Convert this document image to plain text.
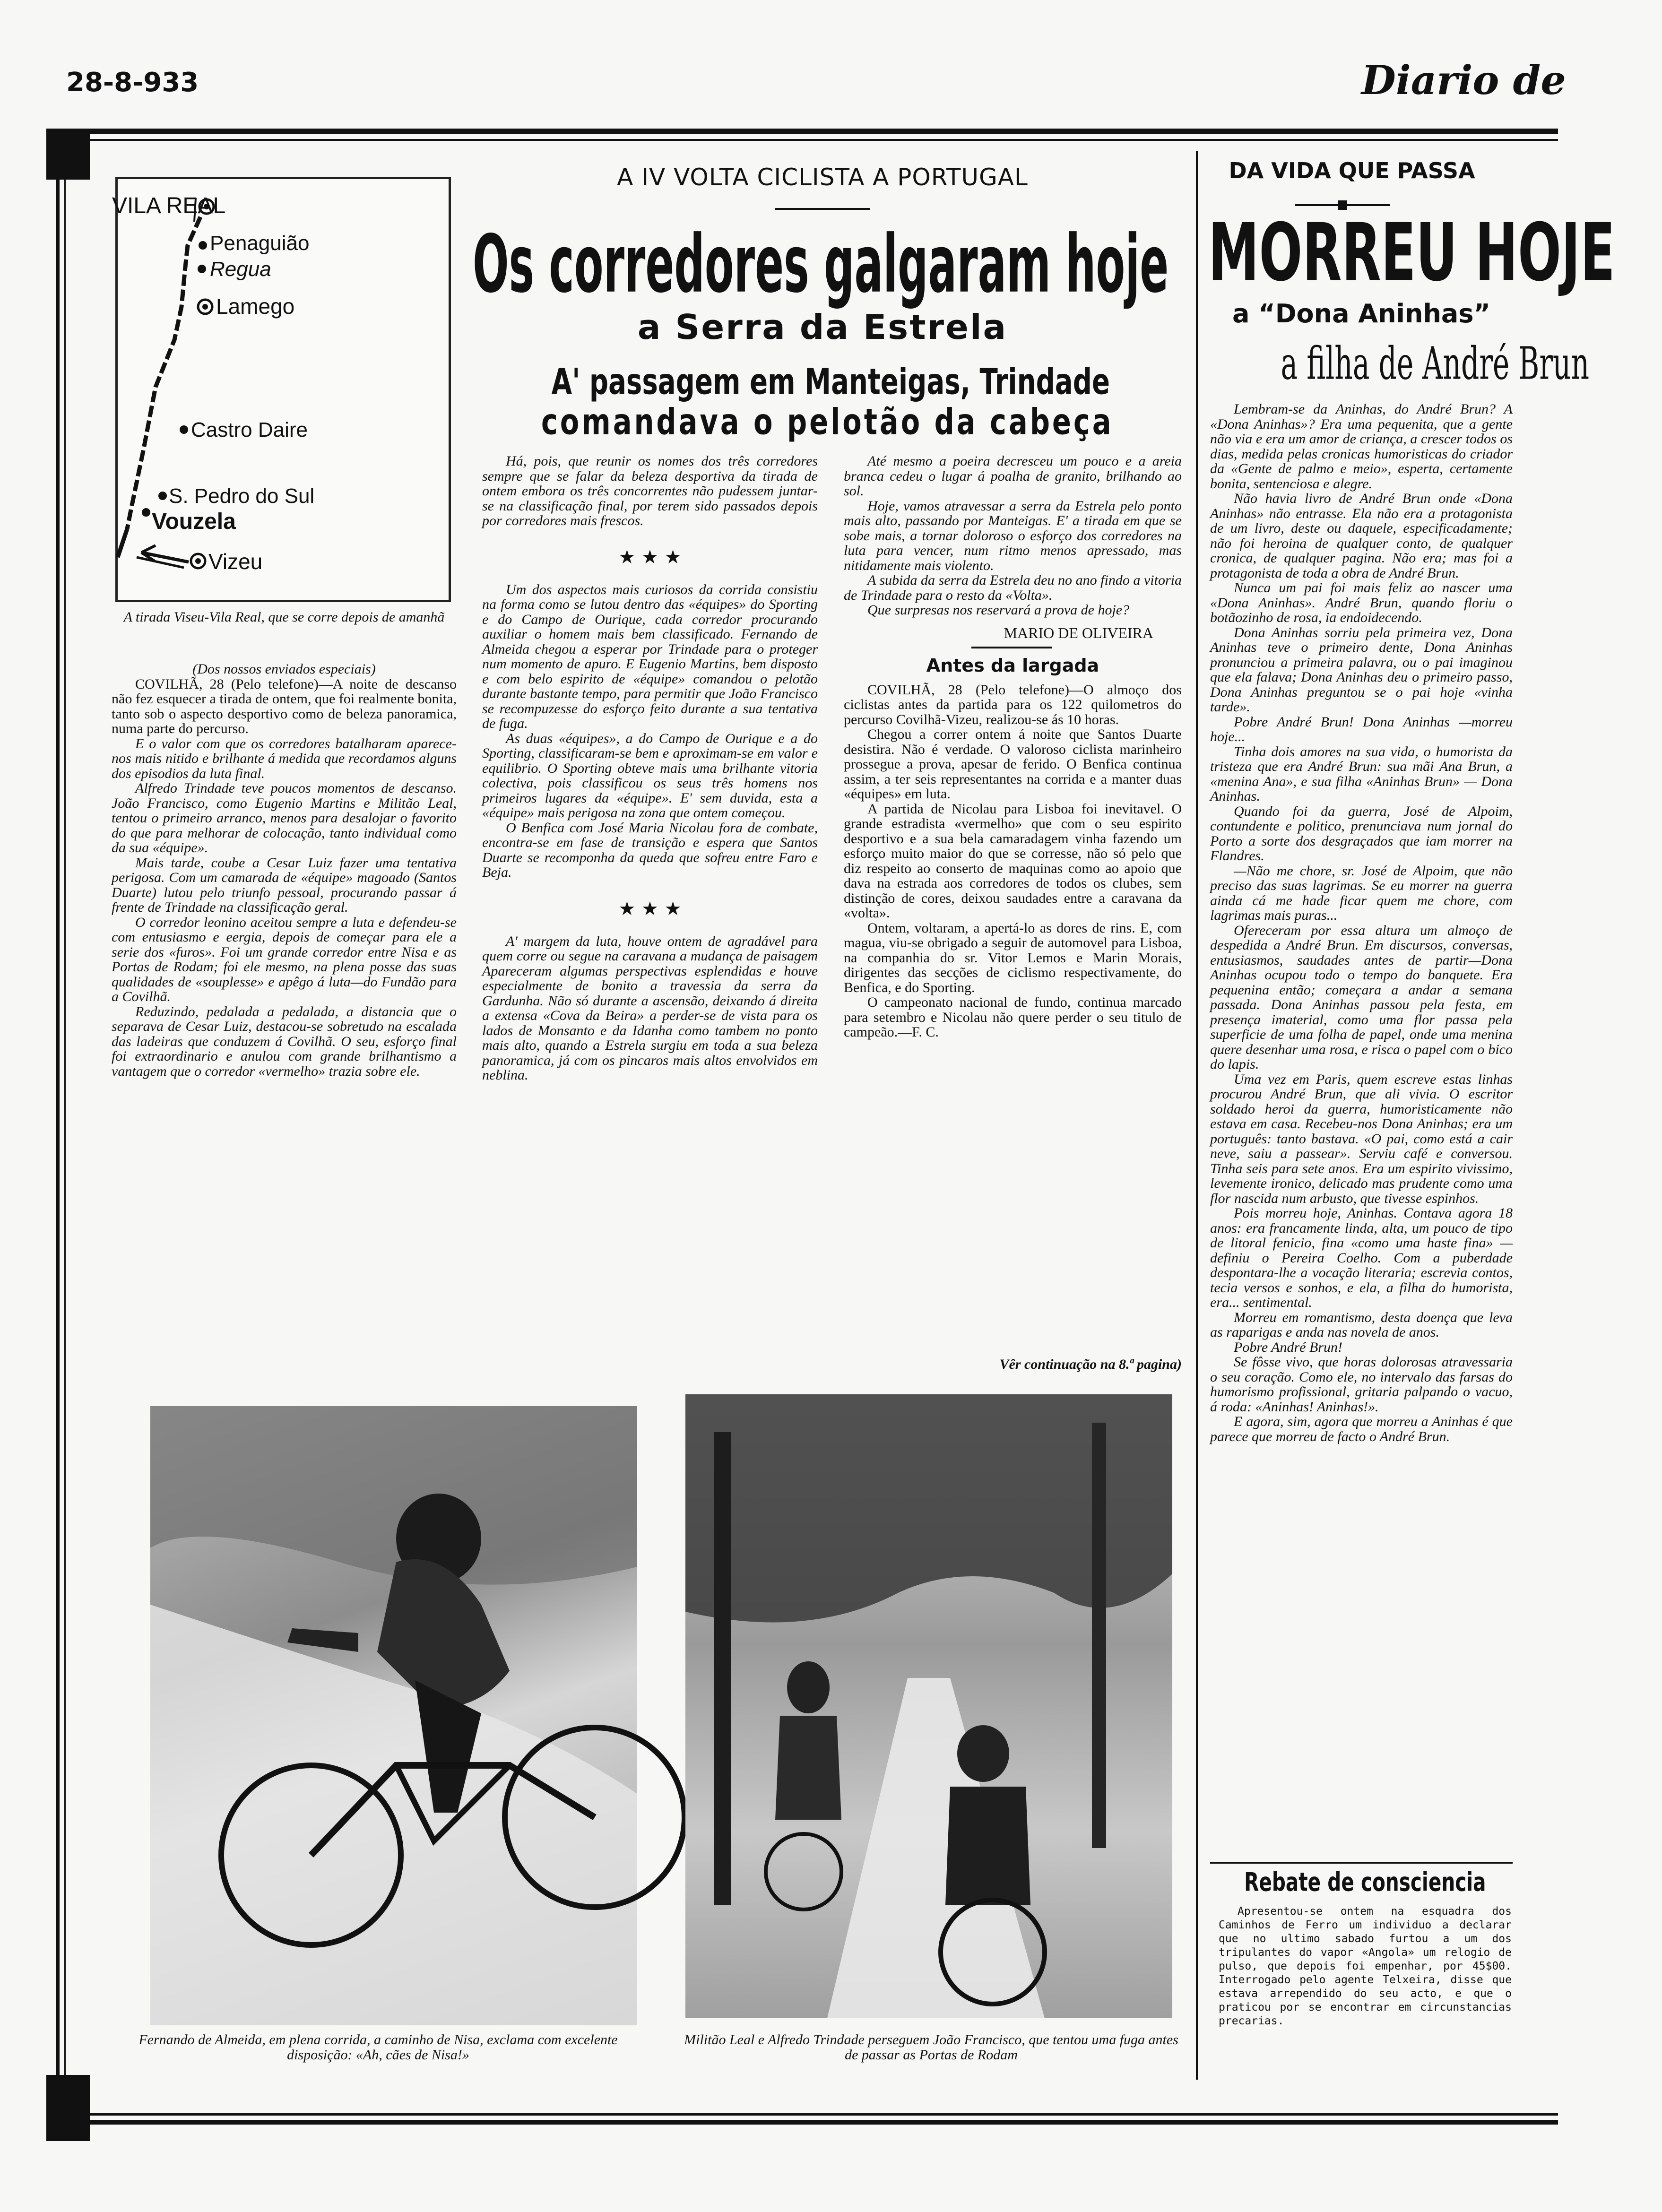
28-8-933	Diario de
VILA REAL
Penaguião
Regua
Lamego
Castro Daire
S. Pedro do Sul
Vouzela
Vizeu

A tirada Viseu-Vila Real, que se corre depois de amanhã

A IV VOLTA CICLISTA A PORTUGAL
Os corredores galgaram hoje
a Serra da Estrela
A' passagem em Manteigas, Trindade
comandava o pelotão da cabeça

(Dos nossos enviados especiais)

COVILHÃ, 28 (Pelo telefone)—A noite de descanso não fez esquecer a tirada de ontem, que foi realmente bonita, tanto sob o aspecto desportivo como de beleza panoramica, numa parte do percurso.

E o valor com que os corredores batalharam aparece-nos mais nitido e brilhante á medida que recordamos alguns dos episodios da luta final.

Alfredo Trindade teve poucos momentos de descanso. João Francisco, como Eugenio Martins e Militão Leal, tentou o primeiro arranco, menos para desalojar o favorito do que para melhorar de colocação, tanto individual como da sua «équipe».

Mais tarde, coube a Cesar Luiz fazer uma tentativa perigosa. Com um camarada de «équipe» magoado (Santos Duarte) lutou pelo triunfo pessoal, procurando passar á frente de Trindade na classificação geral.

O corredor leonino aceitou sempre a luta e defendeu-se com entusiasmo e eergia, depois de começar para ele a serie dos «furos». Foi um grande corredor entre Nisa e as Portas de Rodam; foi ele mesmo, na plena posse das suas qualidades de «souplesse» e apêgo á luta—do Fundão para a Covilhã.

Reduzindo, pedalada a pedalada, a distancia que o separava de Cesar Luiz, destacou-se sobretudo na escalada das ladeiras que conduzem á Covilhã. O seu, esforço final foi extraordinario e anulou com grande brilhantismo a vantagem que o corredor «vermelho» trazia sobre ele.

Há, pois, que reunir os nomes dos três corredores sempre que se falar da beleza desportiva da tirada de ontem embora os três concorrentes não pudessem juntar-se na classificação final, por terem sido passados depois por corredores mais frescos.

★ ★ ★

Um dos aspectos mais curiosos da corrida consistiu na forma como se lutou dentro das «équipes» do Sporting e do Campo de Ourique, cada corredor procurando auxiliar o homem mais bem classificado. Fernando de Almeida chegou a esperar por Trindade para o proteger num momento de apuro. E Eugenio Martins, bem disposto e com belo espirito de «équipe» comandou o pelotão durante bastante tempo, para permitir que João Francisco se recompuzesse do esforço feito durante a sua tentativa de fuga.

As duas «équipes», a do Campo de Ourique e a do Sporting, classificaram-se bem e aproximam-se em valor e equilibrio. O Sporting obteve mais uma brilhante vitoria colectiva, pois classificou os seus três homens nos primeiros lugares da «équipe». E' sem duvida, esta a «équipe» mais perigosa na zona que ontem começou.

O Benfica com José Maria Nicolau fora de combate, encontra-se em fase de transição e espera que Santos Duarte se recomponha da queda que sofreu entre Faro e Beja.

★ ★ ★

A' margem da luta, houve ontem de agradável para quem corre ou segue na caravana a mudança de paisagem Apareceram algumas perspectivas esplendidas e houve especialmente de bonito a travessia da serra da Gardunha. Não só durante a ascensão, deixando á direita a extensa «Cova da Beira» a perder-se de vista para os lados de Monsanto e da Idanha como tambem no ponto mais alto, quando a Estrela surgiu em toda a sua beleza panoramica, já com os pincaros mais altos envolvidos em neblina.

Até mesmo a poeira decresceu um pouco e a areia branca cedeu o lugar á poalha de granito, brilhando ao sol.

Hoje, vamos atravessar a serra da Estrela pelo ponto mais alto, passando por Manteigas. E' a tirada em que se sobe mais, a tornar doloroso o esforço dos corredores na luta para vencer, num ritmo menos apressado, mas nitidamente mais violento.

A subida da serra da Estrela deu no ano findo a vitoria de Trindade para o resto da «Volta».

Que surpresas nos reservará a prova de hoje?

MARIO DE OLIVEIRA
Antes da largada

COVILHÃ, 28 (Pelo telefone)—O almoço dos ciclistas antes da partida para os 122 quilometros do percurso Covilhã-Vizeu, realizou-se ás 10 horas.

Chegou a correr ontem á noite que Santos Duarte desistira. Não é verdade. O valoroso ciclista marinheiro prossegue a prova, apesar de ferido. O Benfica continua assim, a ter seis representantes na corrida e a manter duas «équipes» em luta.

A partida de Nicolau para Lisboa foi inevitavel. O grande estradista «vermelho» que com o seu espirito desportivo e a sua bela camaradagem vinha fazendo um esforço muito maior do que se corresse, não só pelo que diz respeito ao conserto de maquinas como ao apoio que dava na estrada aos corredores de todos os clubes, sem distinção de cores, deixou saudades entre a caravana da «volta».

Ontem, voltaram, a apertá-lo as dores de rins. E, com magua, viu-se obrigado a seguir de automovel para Lisboa, na companhia do sr. Vitor Lemos e Marin Morais, dirigentes das secções de ciclismo respectivamente, do Benfica, e do Sporting.

O campeonato nacional de fundo, continua marcado para setembro e Nicolau não quere perder o seu titulo de campeão.—F. C.

Vêr continuação na 8.ª pagina)

Fernando de Almeida, em plena corrida, a caminho de Nisa, exclama com excelente disposição: «Ah, cães de Nisa!»

Militão Leal e Alfredo Trindade perseguem João Francisco, que tentou uma fuga antes de passar as Portas de Rodam

DA VIDA QUE PASSA
MORREU HOJE
a “Dona Aninhas”
a filha de André Brun

Lembram-se da Aninhas, do André Brun? A «Dona Aninhas»? Era uma pequenita, que a gente não via e era um amor de criança, a crescer todos os dias, medida pelas cronicas humoristicas do criador da «Gente de palmo e meio», esperta, certamente bonita, sentenciosa e alegre.

Não havia livro de André Brun onde «Dona Aninhas» não entrasse. Ela não era a protagonista de um livro, deste ou daquele, especificadamente; não foi heroina de qualquer conto, de qualquer cronica, de qualquer pagina. Não era; mas foi a protagonista de toda a obra de André Brun.

Nunca um pai foi mais feliz ao nascer uma «Dona Aninhas». André Brun, quando floriu o botãozinho de rosa, ia endoidecendo.

Dona Aninhas sorriu pela primeira vez, Dona Aninhas teve o primeiro dente, Dona Aninhas pronunciou a primeira palavra, ou o pai imaginou que ela falava; Dona Aninhas deu o primeiro passo, Dona Aninhas preguntou se o pai hoje «vinha tarde».

Pobre André Brun! Dona Aninhas —morreu hoje...

Tinha dois amores na sua vida, o humorista da tristeza que era André Brun: sua mãi Ana Brun, a «menina Ana», e sua filha «Aninhas Brun» — Dona Aninhas.

Quando foi da guerra, José de Alpoim, contundente e politico, prenunciava num jornal do Porto a sorte dos desgraçados que iam morrer na Flandres.

—Não me chore, sr. José de Alpoim, que não preciso das suas lagrimas. Se eu morrer na guerra ainda cá me hade ficar quem me chore, com lagrimas mais puras...

Ofereceram por essa altura um almoço de despedida a André Brun. Em discursos, conversas, entusiasmos, saudades antes de partir—Dona Aninhas ocupou todo o tempo do banquete. Era pequenina então; começara a andar a semana passada. Dona Aninhas passou pela festa, em presença imaterial, como uma flor passa pela superficie de uma folha de papel, onde uma menina quere desenhar uma rosa, e risca o papel com o bico do lapis.

Uma vez em Paris, quem escreve estas linhas procurou André Brun, que ali vivia. O escritor soldado heroi da guerra, humoristicamente não estava em casa. Recebeu-nos Dona Aninhas; era um português: tanto bastava. «O pai, como está a cair neve, saiu a passear». Serviu café e conversou. Tinha seis para sete anos. Era um espirito vivissimo, levemente ironico, delicado mas prudente como uma flor nascida num arbusto, que tivesse espinhos.

Pois morreu hoje, Aninhas. Contava agora 18 anos: era francamente linda, alta, um pouco de tipo de litoral fenicio, fina «como uma haste fina» —definiu o Pereira Coelho. Com a puberdade despontara-lhe a vocação literaria; escrevia contos, tecia versos e sonhos, e ela, a filha do humorista, era... sentimental.

Morreu em romantismo, desta doença que leva as raparigas e anda nas novela de anos.

Pobre André Brun!

Se fôsse vivo, que horas dolorosas atravessaria o seu coração. Como ele, no intervalo das farsas do humorismo profissional, gritaria palpando o vacuo, á roda: «Aninhas! Aninhas!».

E agora, sim, agora que morreu a Aninhas é que parece que morreu de facto o André Brun.

Rebate de consciencia
Apresentou-se ontem na esquadra dos Caminhos de Ferro um individuo a declarar que no ultimo sabado furtou a um dos tripulantes do vapor «Angola» um relogio de pulso, que depois foi empenhar, por 45$00. Interrogado pelo agente Telxeira, disse que estava arrependido do seu acto, e que o praticou por se encontrar em circunstancias precarias.
